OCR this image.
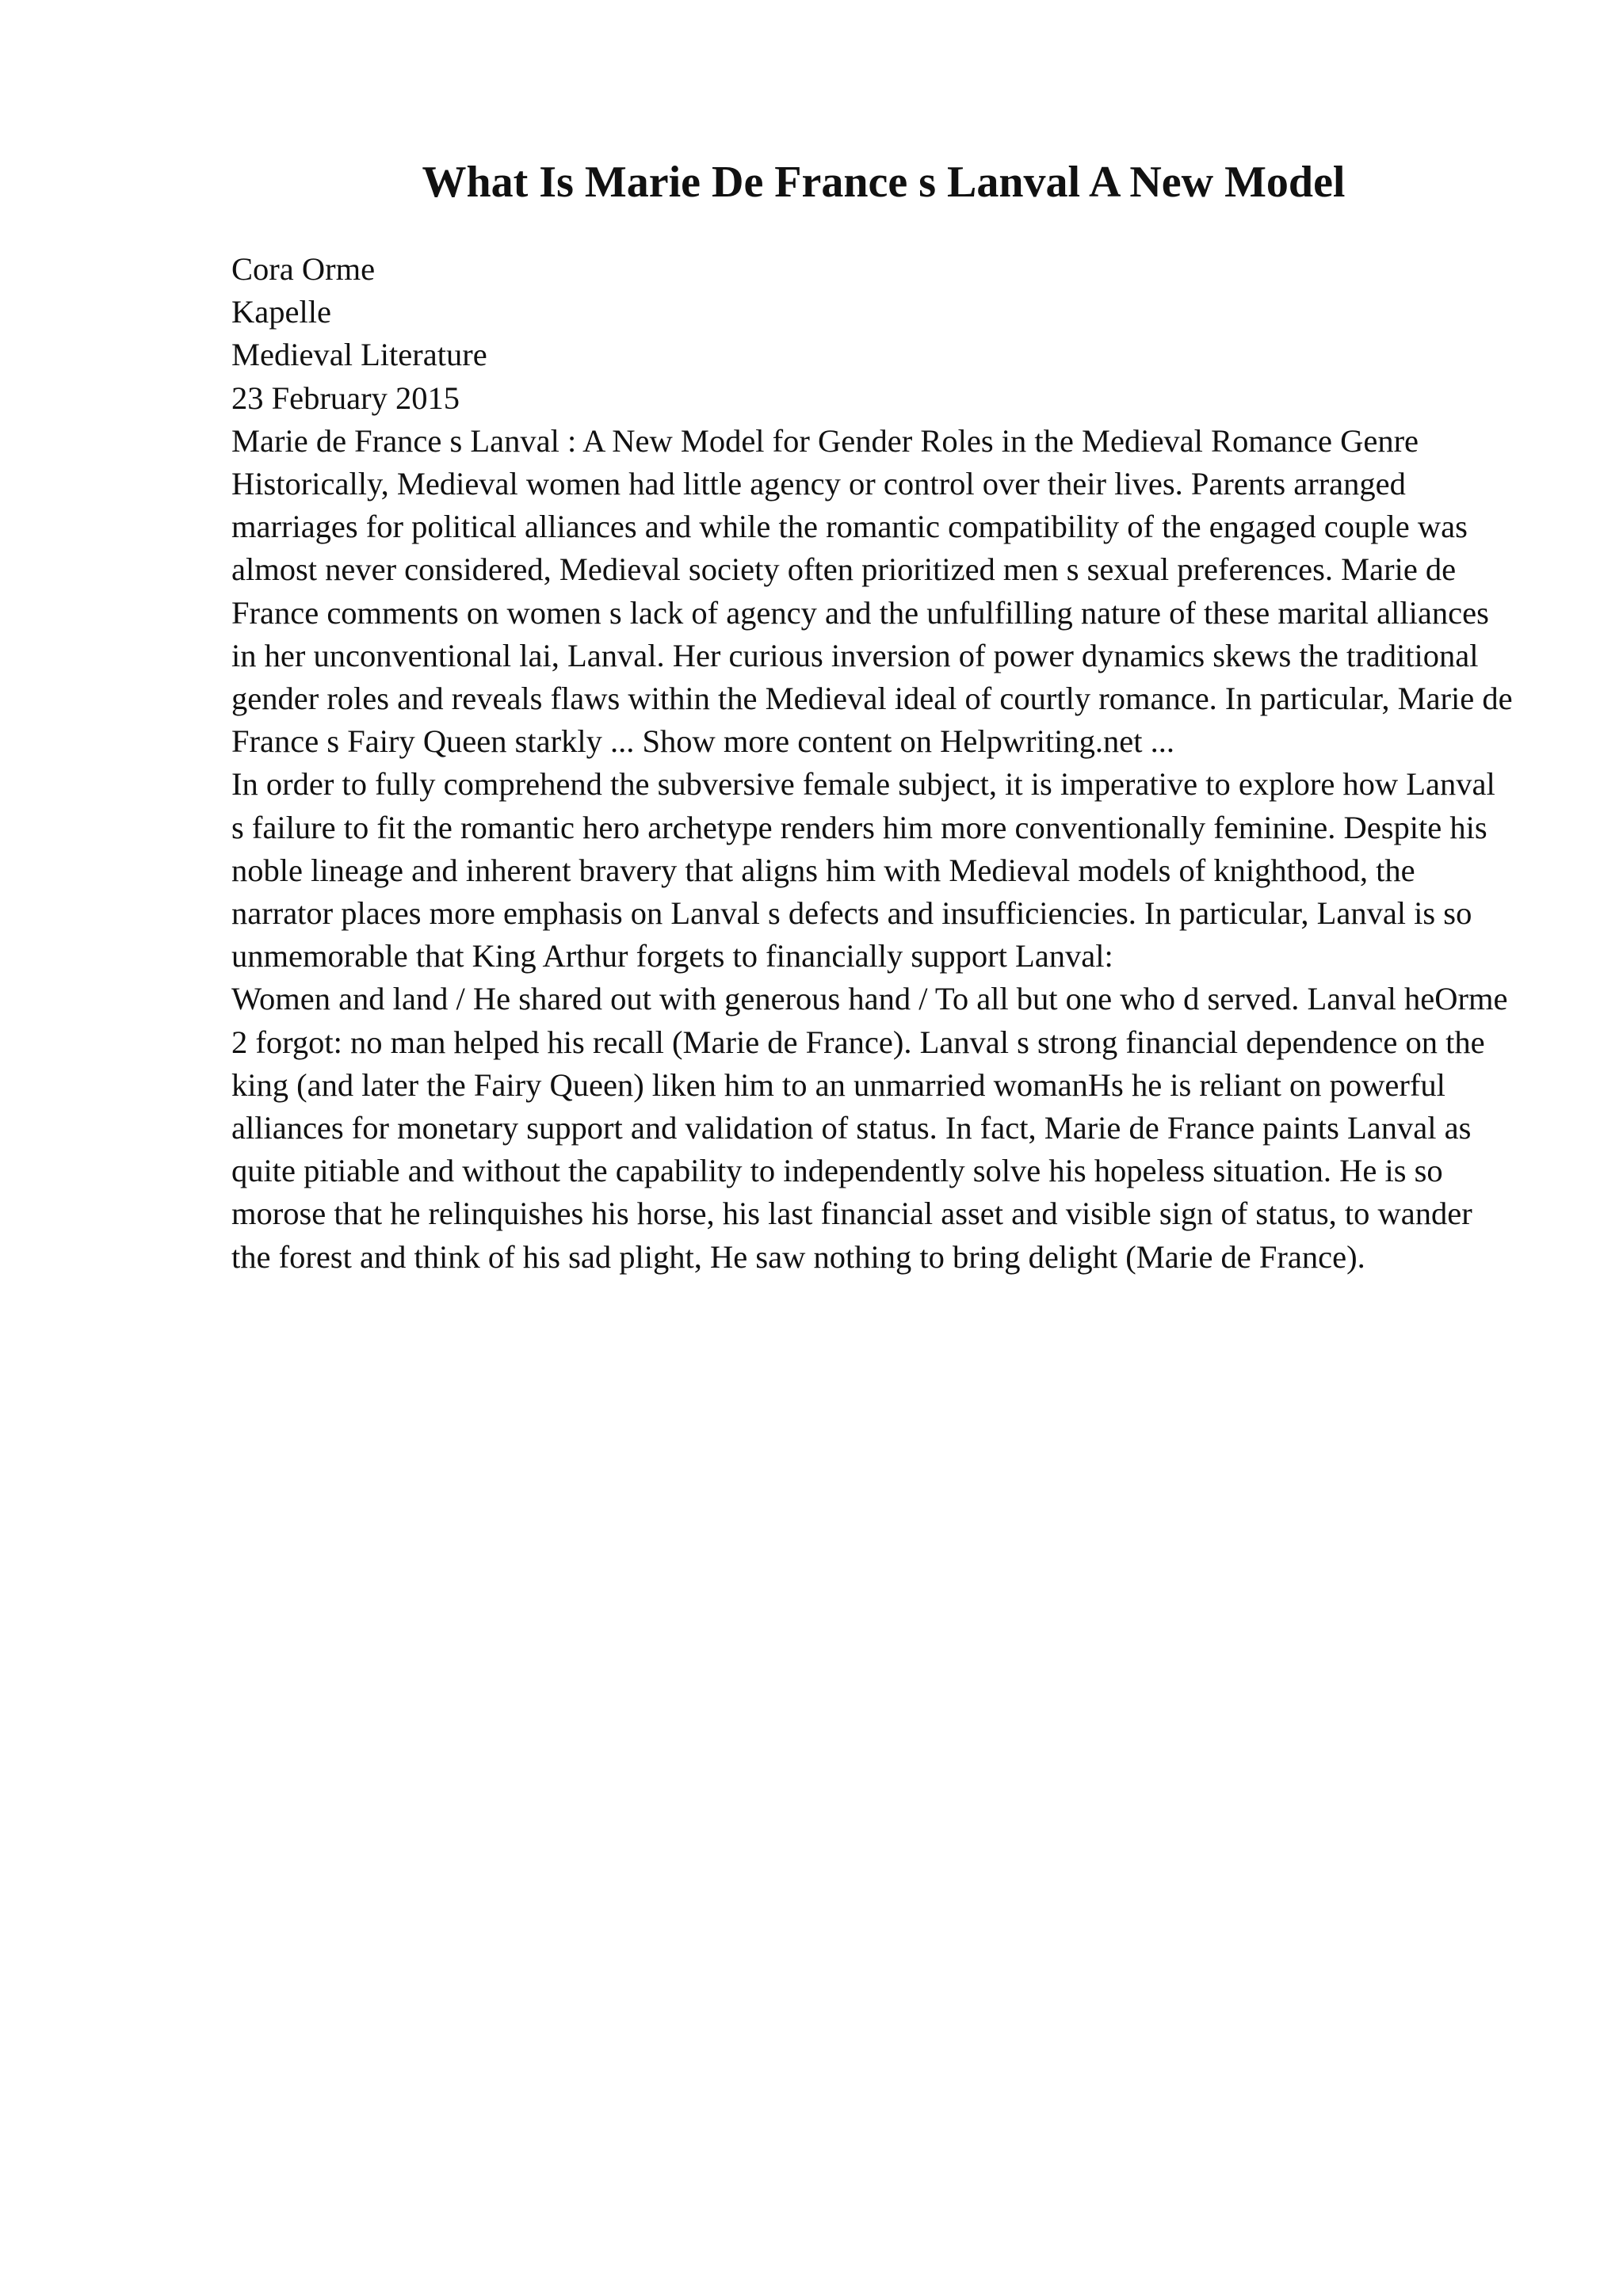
What Is Marie De France s Lanval A New Model

Cora Orme

Kapelle

Medieval Literature

23 February 2015

Marie de France s Lanval : A New Model for Gender Roles in the Medieval Romance Genre

Historically, Medieval women had little agency or control over their lives. Parents arranged marriages for political alliances and while the romantic compatibility of the engaged couple was almost never considered, Medieval society often prioritized men s sexual preferences. Marie de France comments on women s lack of agency and the unfulfilling nature of these marital alliances in her unconventional lai, Lanval. Her curious inversion of power dynamics skews the traditional gender roles and reveals flaws within the Medieval ideal of courtly romance. In particular, Marie de France s Fairy Queen starkly ... Show more content on Helpwriting.net ...

In order to fully comprehend the subversive female subject, it is imperative to explore how Lanval s failure to fit the romantic hero archetype renders him more conventionally feminine. Despite his noble lineage and inherent bravery that aligns him with Medieval models of knighthood, the narrator places more emphasis on Lanval s defects and insufficiencies. In particular, Lanval is so unmemorable that King Arthur forgets to financially support Lanval:

Women and land / He shared out with generous hand / To all but one who d served. Lanval heOrme 2 forgot: no man helped his recall (Marie de France). Lanval s strong financial dependence on the king (and later the Fairy Queen) liken him to an unmarried womanHs he is reliant on powerful alliances for monetary support and validation of status. In fact, Marie de France paints Lanval as quite pitiable and without the capability to independently solve his hopeless situation. He is so morose that he relinquishes his horse, his last financial asset and visible sign of status, to wander the forest and think of his sad plight, He saw nothing to bring delight (Marie de France).
